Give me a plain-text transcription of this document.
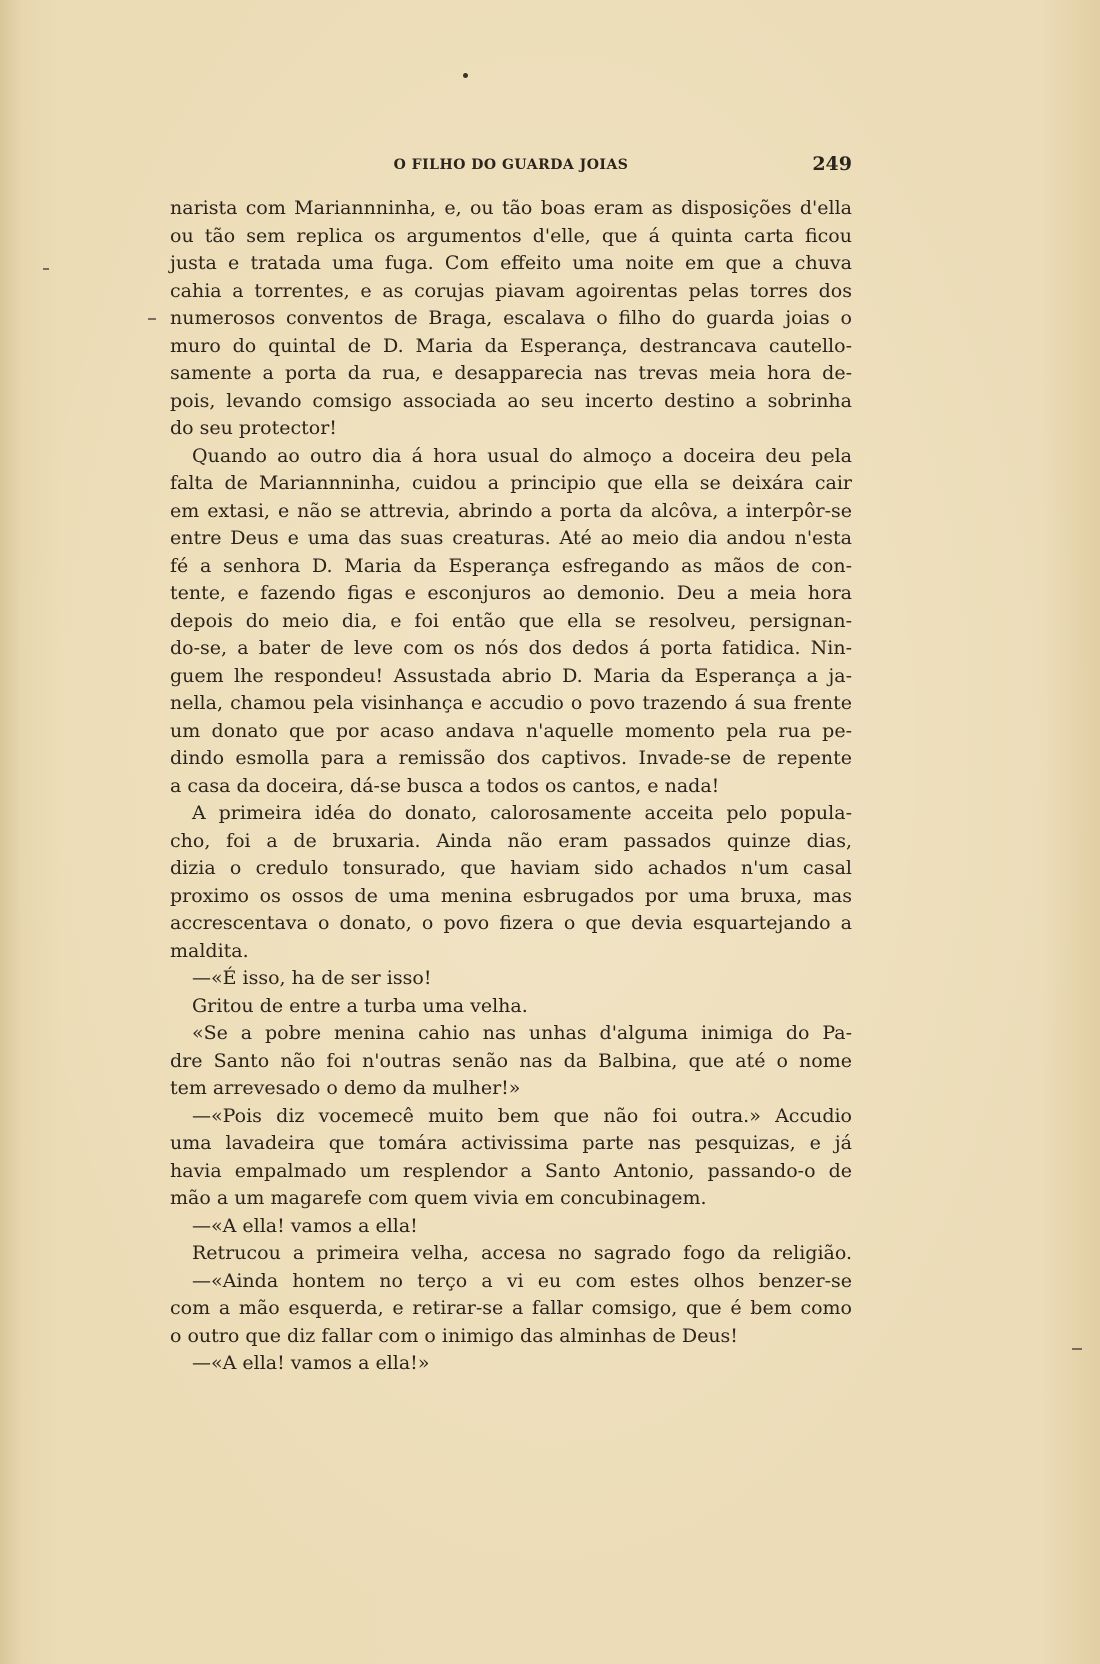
O FILHO DO GUARDA JOIAS	249
narista com Mariannninha, e, ou tão boas eram as disposições d'ella
ou tão sem replica os argumentos d'elle, que á quinta carta ficou
justa e tratada uma fuga. Com effeito uma noite em que a chuva
cahia a torrentes, e as corujas piavam agoirentas pelas torres dos
numerosos conventos de Braga, escalava o filho do guarda joias o
muro do quintal de D. Maria da Esperança, destrancava cautello-
samente a porta da rua, e desapparecia nas trevas meia hora de-
pois, levando comsigo associada ao seu incerto destino a sobrinha
do seu protector!
Quando ao outro dia á hora usual do almoço a doceira deu pela
falta de Mariannninha, cuidou a principio que ella se deixára cair
em extasi, e não se attrevia, abrindo a porta da alcôva, a interpôr-se
entre Deus e uma das suas creaturas. Até ao meio dia andou n'esta
fé a senhora D. Maria da Esperança esfregando as mãos de con-
tente, e fazendo figas e esconjuros ao demonio. Deu a meia hora
depois do meio dia, e foi então que ella se resolveu, persignan-
do-se, a bater de leve com os nós dos dedos á porta fatidica. Nin-
guem lhe respondeu! Assustada abrio D. Maria da Esperança a ja-
nella, chamou pela visinhança e accudio o povo trazendo á sua frente
um donato que por acaso andava n'aquelle momento pela rua pe-
dindo esmolla para a remissão dos captivos. Invade-se de repente
a casa da doceira, dá-se busca a todos os cantos, e nada!
A primeira idéa do donato, calorosamente acceita pelo popula-
cho, foi a de bruxaria. Ainda não eram passados quinze dias,
dizia o credulo tonsurado, que haviam sido achados n'um casal
proximo os ossos de uma menina esbrugados por uma bruxa, mas
accrescentava o donato, o povo fizera o que devia esquartejando a
maldita.
—«É isso, ha de ser isso!
Gritou de entre a turba uma velha.
«Se a pobre menina cahio nas unhas d'alguma inimiga do Pa-
dre Santo não foi n'outras senão nas da Balbina, que até o nome
tem arrevesado o demo da mulher!»
—«Pois diz vocemecê muito bem que não foi outra.» Accudio
uma lavadeira que tomára activissima parte nas pesquizas, e já
havia empalmado um resplendor a Santo Antonio, passando-o de
mão a um magarefe com quem vivia em concubinagem.
—«A ella! vamos a ella!
Retrucou a primeira velha, accesa no sagrado fogo da religião.
—«Ainda hontem no terço a vi eu com estes olhos benzer-se
com a mão esquerda, e retirar-se a fallar comsigo, que é bem como
o outro que diz fallar com o inimigo das alminhas de Deus!
—«A ella! vamos a ella!»
